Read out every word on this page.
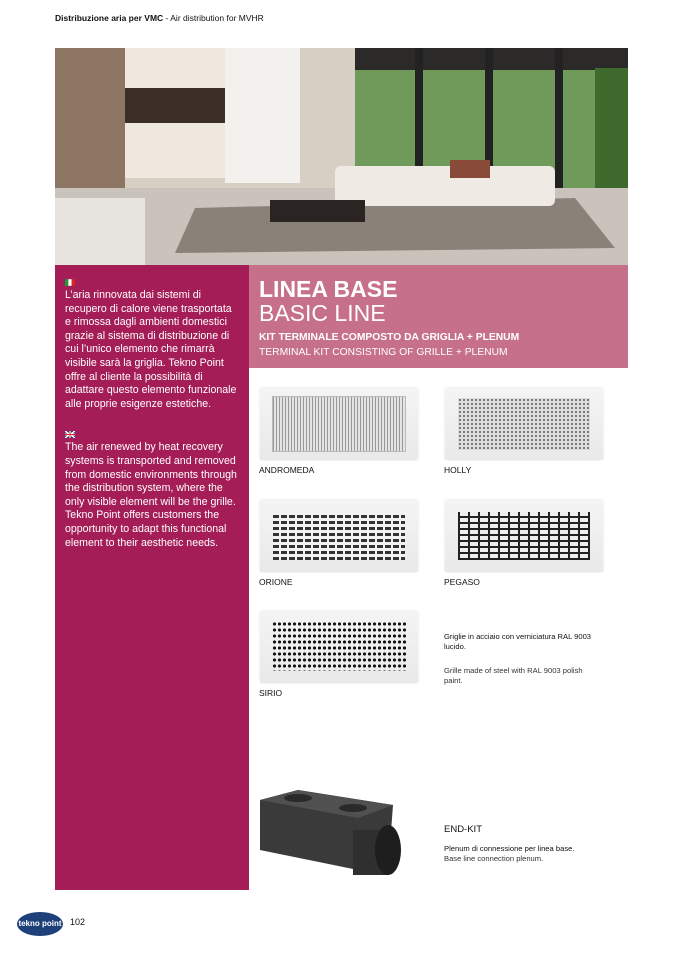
Distribuzione aria per VMC - Air distribution for MVHR

L’aria rinnovata dai sistemi di recupero di calore viene trasportata e rimossa dagli ambienti domestici grazie al sistema di distribuzione di cui l’unico elemento che rimarrà visibile sarà la griglia. Tekno Point offre al cliente la possibilità di adattare questo elemento funzionale alle proprie esigenze estetiche.

The air renewed by heat recovery systems is transported and removed from domestic environments through the distribution system, where the only visible element will be the grille. Tekno Point offers customers the opportunity to adapt this functional element to their aesthetic needs.

LINEA BASE
BASIC LINE
KIT TERMINALE COMPOSTO DA GRIGLIA + PLENUM
TERMINAL KIT CONSISTING OF GRILLE + PLENUM
ANDROMEDA	HOLLY
ORIONE	PEGASO
SIRIO
Griglie in acciaio con verniciatura RAL 9003 lucido.
Grille made of steel with RAL 9003 polish paint.
END-KIT
Plenum di connessione per linea base.
Base line connection plenum.
tekno point 102
